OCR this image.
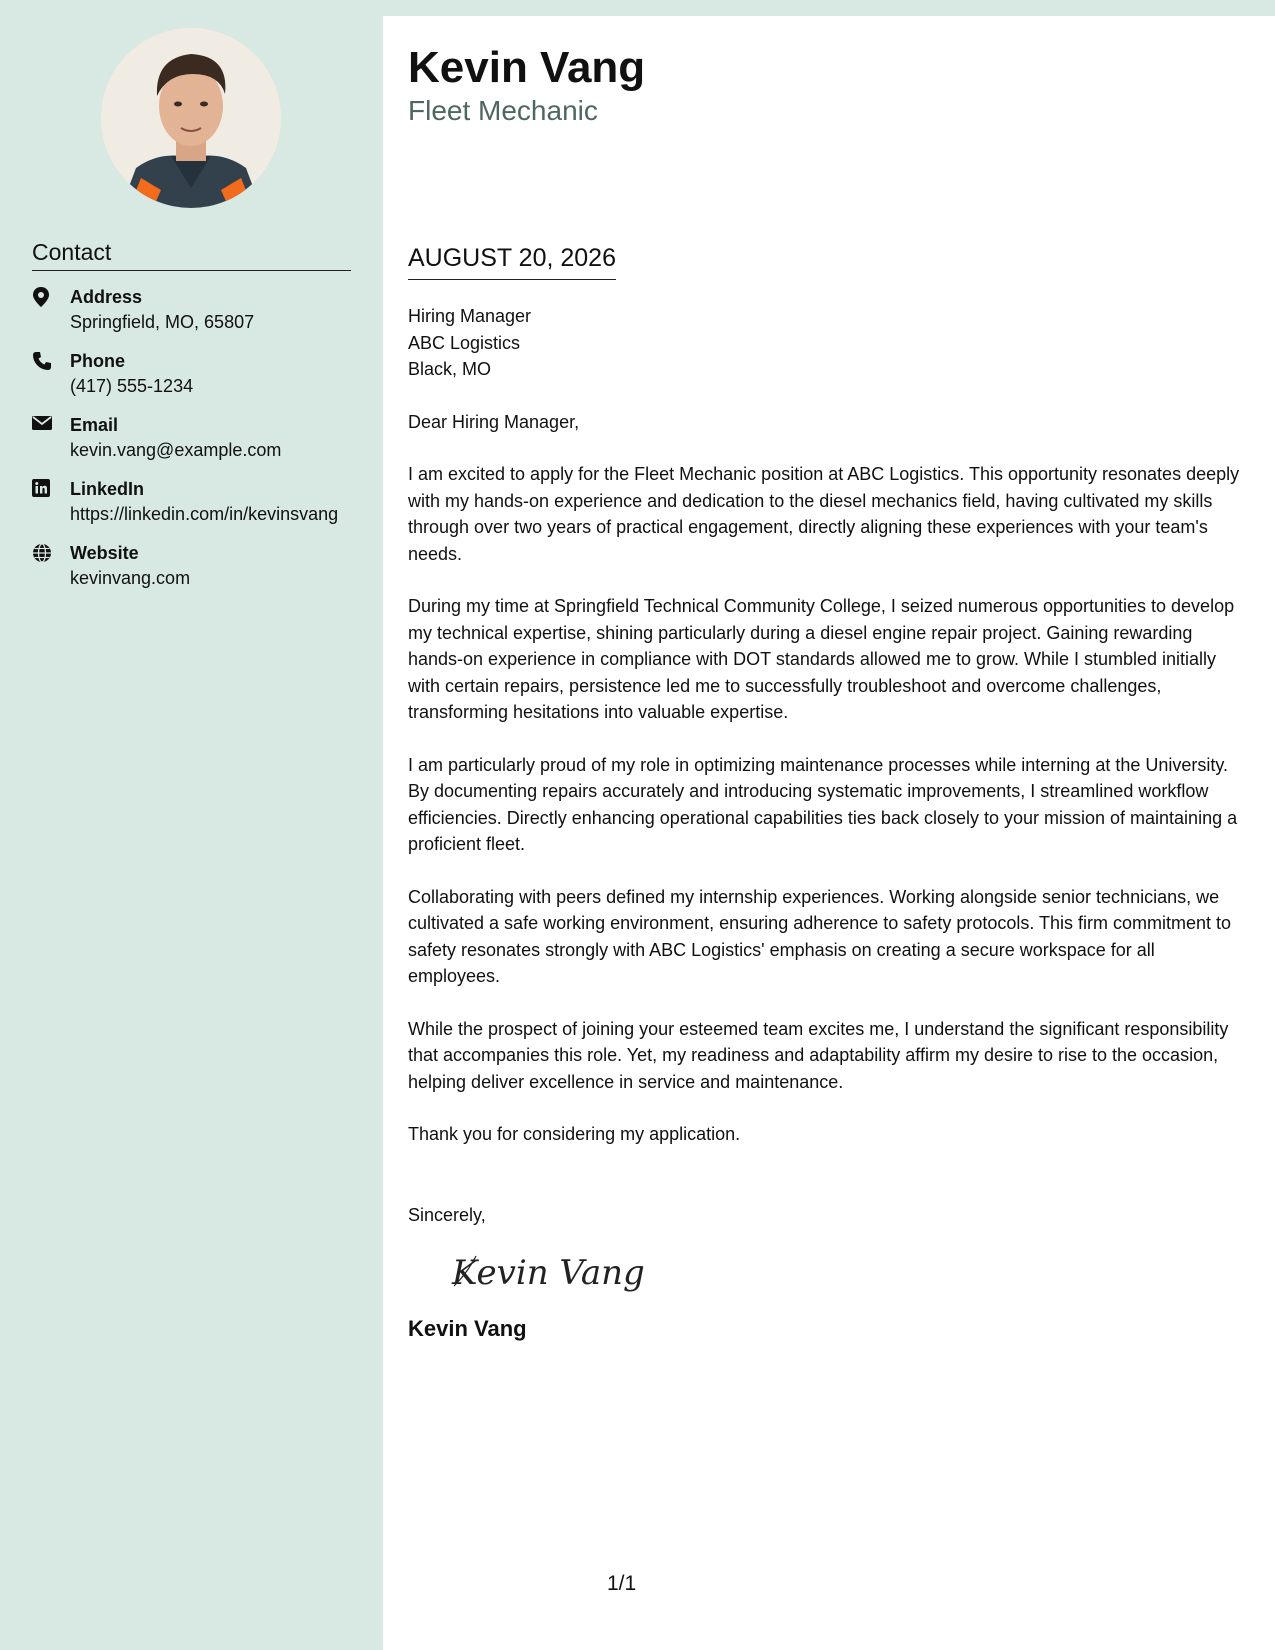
Contact
Address
Springfield, MO, 65807
Phone
(417) 555-1234
Email
kevin.vang@example.com
LinkedIn
https://linkedin.com/in/kevinsvang
Website
kevinvang.com
Kevin Vang
Fleet Mechanic
AUGUST 20, 2026
Hiring Manager
ABC Logistics
Black, MO

Dear Hiring Manager,

I am excited to apply for the Fleet Mechanic position at ABC Logistics. This opportunity resonates deeply with my hands-on experience and dedication to the diesel mechanics field, having cultivated my skills through over two years of practical engagement, directly aligning these experiences with your team's needs.

During my time at Springfield Technical Community College, I seized numerous opportunities to develop my technical expertise, shining particularly during a diesel engine repair project. Gaining rewarding hands-on experience in compliance with DOT standards allowed me to grow. While I stumbled initially with certain repairs, persistence led me to successfully troubleshoot and overcome challenges, transforming hesitations into valuable expertise.

I am particularly proud of my role in optimizing maintenance processes while interning at the University. By documenting repairs accurately and introducing systematic improvements, I streamlined workflow efficiencies. Directly enhancing operational capabilities ties back closely to your mission of maintaining a proficient fleet.

Collaborating with peers defined my internship experiences. Working alongside senior technicians, we cultivated a safe working environment, ensuring adherence to safety protocols. This firm commitment to safety resonates strongly with ABC Logistics' emphasis on creating a secure workspace for all employees.

While the prospect of joining your esteemed team excites me, I understand the significant responsibility that accompanies this role. Yet, my readiness and adaptability affirm my desire to rise to the occasion, helping deliver excellence in service and maintenance.

Thank you for considering my application.

Sincerely,
Kevin Vang
Kevin Vang
1/1
